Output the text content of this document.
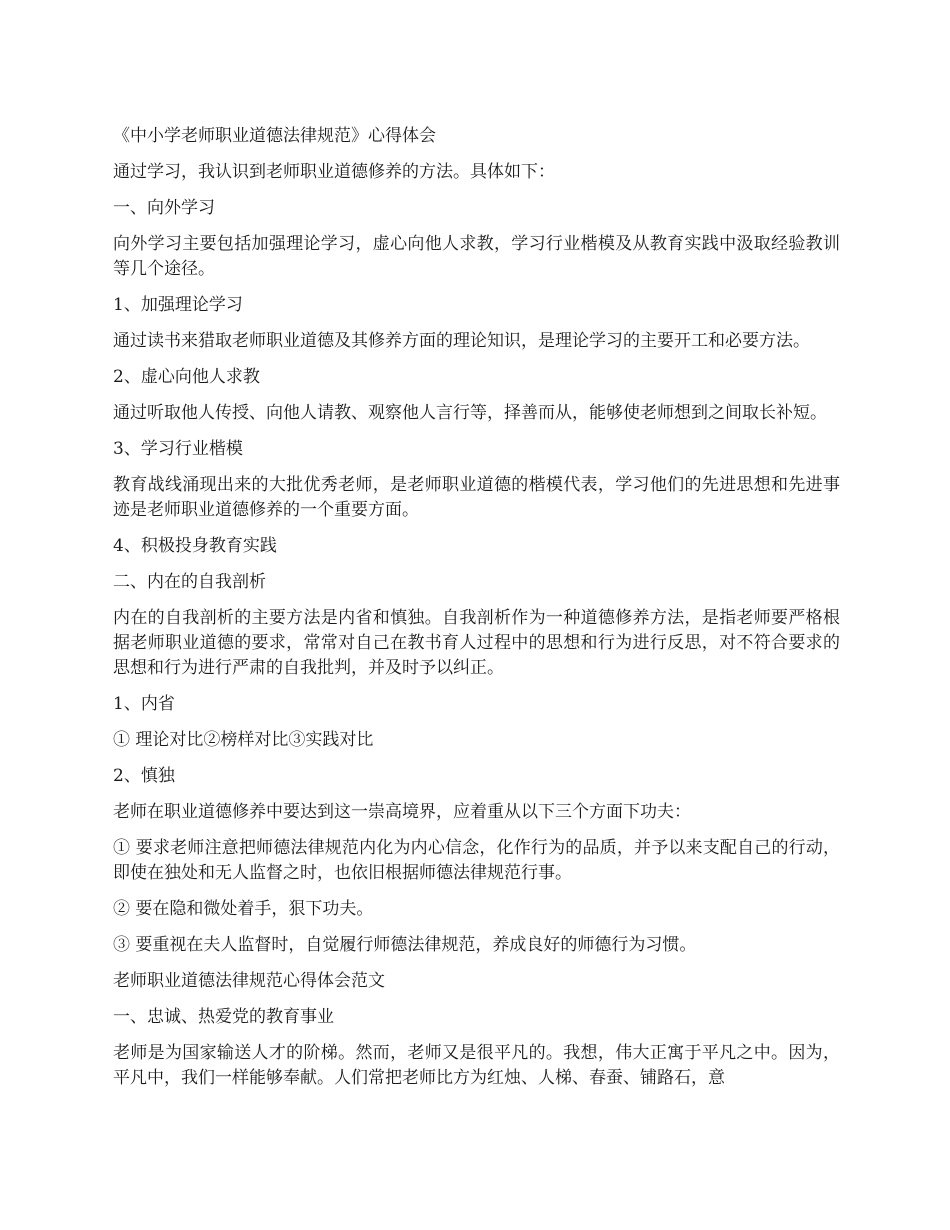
《中小学老师职业道德法律规范》心得体会
通过学习，我认识到老师职业道德修养的方法。具体如下：
一、向外学习
向外学习主要包括加强理论学习，虚心向他人求教，学习行业楷模及从教育实践中汲取经验教训等几个途径。
1、加强理论学习
通过读书来猎取老师职业道德及其修养方面的理论知识，是理论学习的主要开工和必要方法。
2、虚心向他人求教
通过听取他人传授、向他人请教、观察他人言行等，择善而从，能够使老师想到之间取长补短。
3、学习行业楷模
教育战线涌现出来的大批优秀老师，是老师职业道德的楷模代表，学习他们的先进思想和先进事迹是老师职业道德修养的一个重要方面。
4、积极投身教育实践
二、内在的自我剖析
内在的自我剖析的主要方法是内省和慎独。自我剖析作为一种道德修养方法，是指老师要严格根据老师职业道德的要求，常常对自己在教书育人过程中的思想和行为进行反思，对不符合要求的思想和行为进行严肃的自我批判，并及时予以纠正。
1、内省
① 理论对比②榜样对比③实践对比
2、慎独
老师在职业道德修养中要达到这一崇高境界，应着重从以下三个方面下功夫：
① 要求老师注意把师德法律规范内化为内心信念，化作行为的品质，并予以来支配自己的行动，即使在独处和无人监督之时，也依旧根据师德法律规范行事。
② 要在隐和微处着手，狠下功夫。
③ 要重视在夫人监督时，自觉履行师德法律规范，养成良好的师德行为习惯。
老师职业道德法律规范心得体会范文
一、忠诚、热爱党的教育事业
老师是为国家输送人才的阶梯。然而，老师又是很平凡的。我想，伟大正寓于平凡之中。因为，平凡中，我们一样能够奉献。人们常把老师比方为红烛、人梯、春蚕、铺路石，意
